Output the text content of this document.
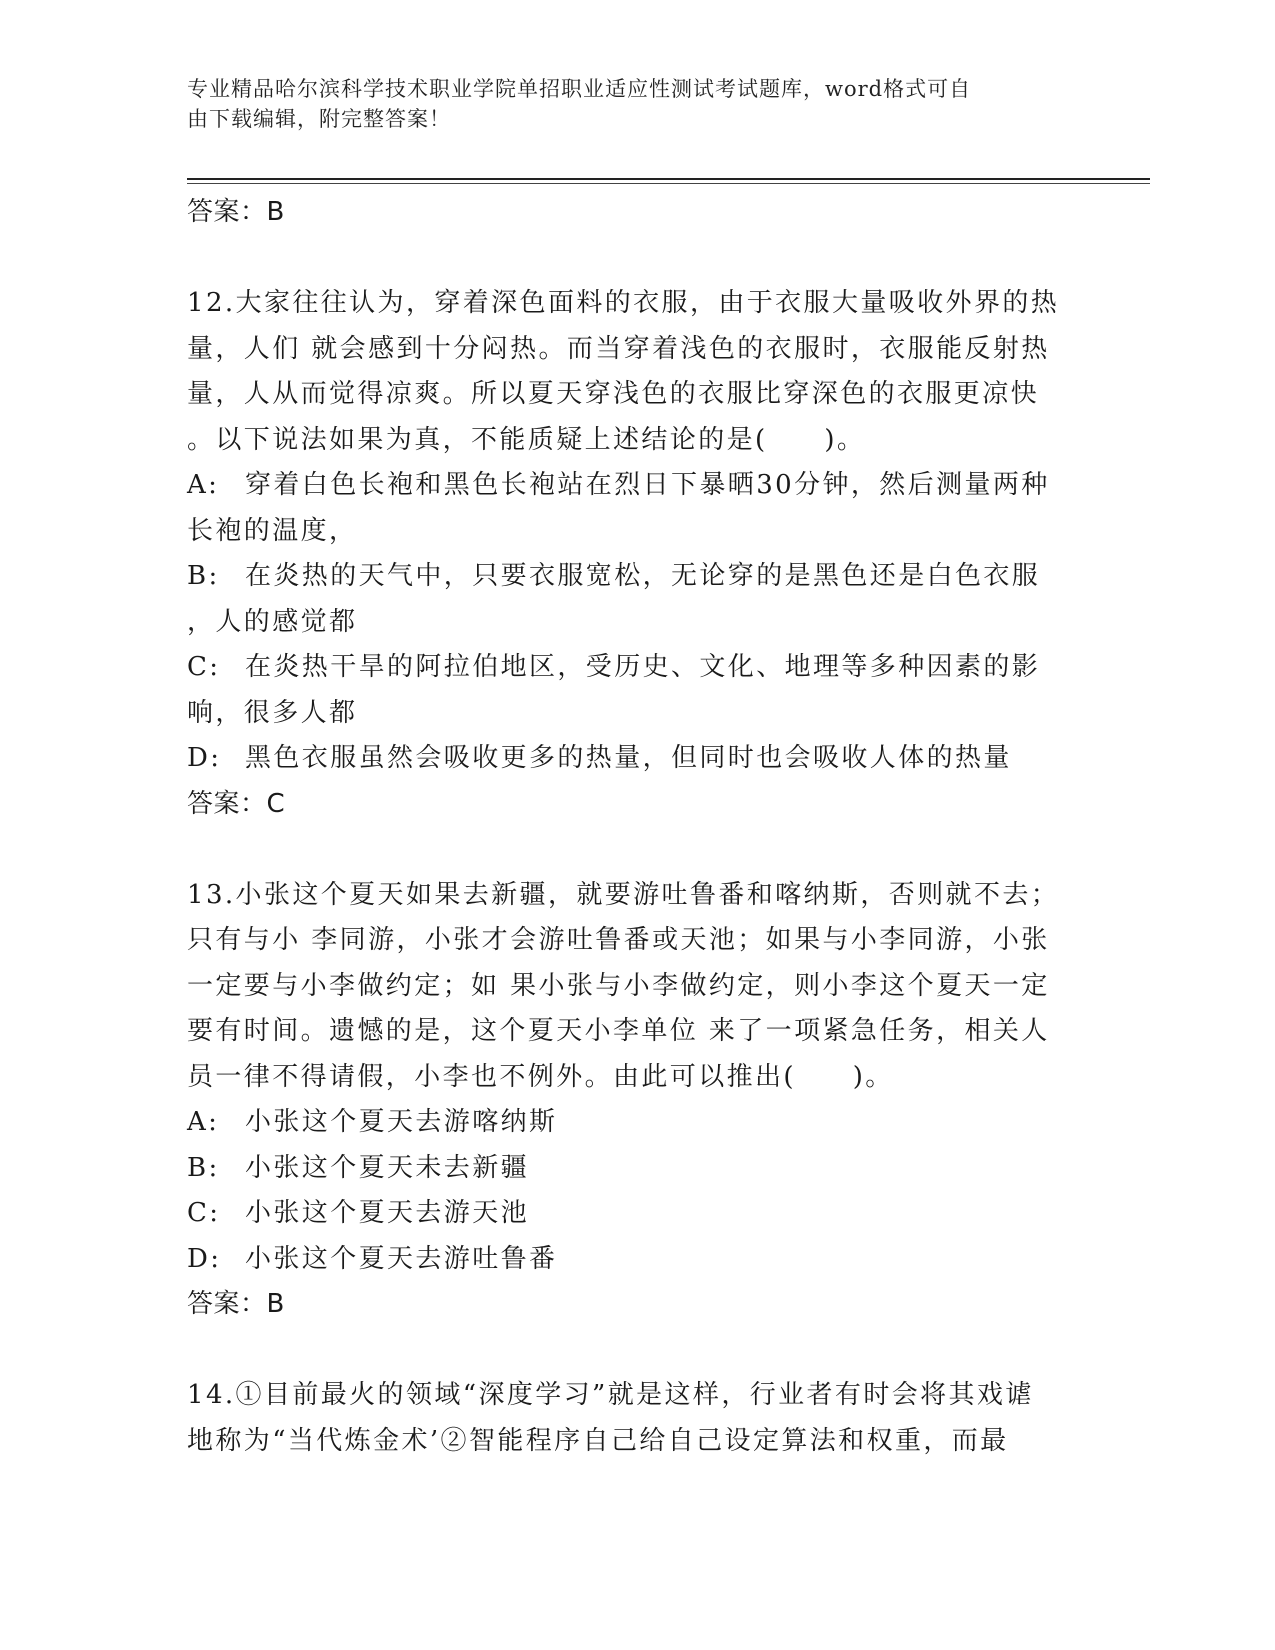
专业精品哈尔滨科学技术职业学院单招职业适应性测试考试题库，word格式可自
由下载编辑，附完整答案！
答案：B
12.大家往往认为，穿着深色面料的衣服，由于衣服大量吸收外界的热
量，人们 就会感到十分闷热。而当穿着浅色的衣服时，衣服能反射热
量，人从而觉得凉爽。所以夏天穿浅色的衣服比穿深色的衣服更凉快
。以下说法如果为真，不能质疑上述结论的是(　　)。
A: 穿着白色长袍和黑色长袍站在烈日下暴晒30分钟，然后测量两种
长袍的温度，
B: 在炎热的天气中，只要衣服宽松，无论穿的是黑色还是白色衣服
，人的感觉都
C: 在炎热干旱的阿拉伯地区，受历史、文化、地理等多种因素的影
响，很多人都
D: 黑色衣服虽然会吸收更多的热量，但同时也会吸收人体的热量
答案：C
13.小张这个夏天如果去新疆，就要游吐鲁番和喀纳斯，否则就不去；
只有与小 李同游，小张才会游吐鲁番或天池；如果与小李同游，小张
一定要与小李做约定；如 果小张与小李做约定，则小李这个夏天一定
要有时间。遗憾的是，这个夏天小李单位 来了一项紧急任务，相关人
员一律不得请假，小李也不例外。由此可以推出(　　)。
A: 小张这个夏天去游喀纳斯
B: 小张这个夏天未去新疆
C: 小张这个夏天去游天池
D: 小张这个夏天去游吐鲁番
答案：B
14.①目前最火的领域“深度学习”就是这样，行业者有时会将其戏谑
地称为“当代炼金术’②智能程序自己给自己设定算法和权重，而最
